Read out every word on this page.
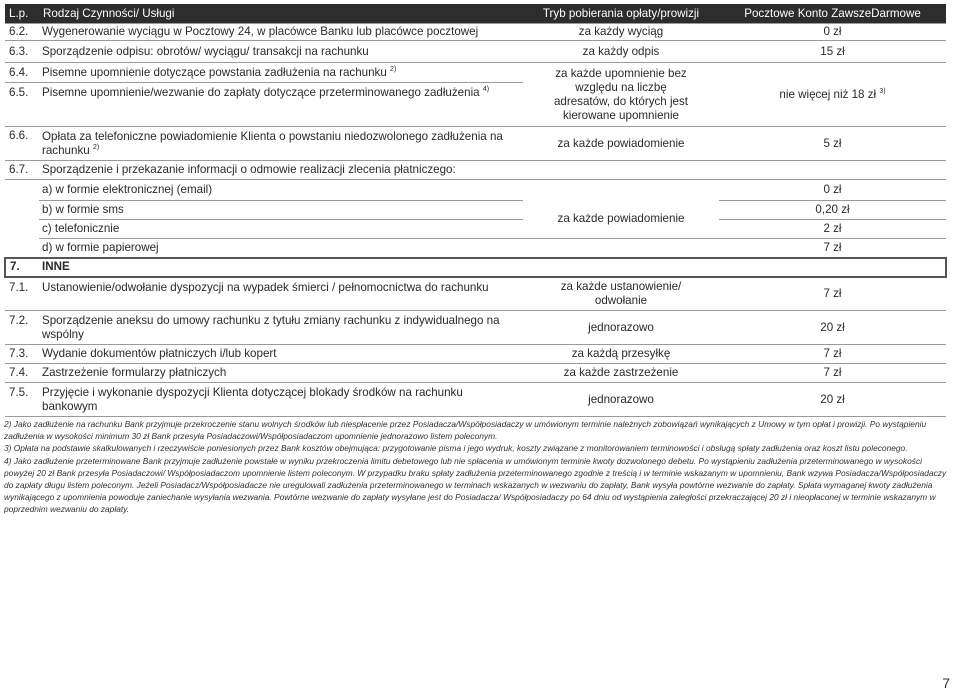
L.p.	Rodzaj Czynności/ Usługi	Tryb pobierania opłaty/prowizji	Pocztowe Konto ZawszeDarmowe
6.2.	Wygenerowanie wyciągu w Pocztowy 24, w placówce Banku lub placówce pocztowej	za każdy wyciąg	0 zł
6.3.	Sporządzenie odpisu: obrotów/ wyciągu/ transakcji na rachunku	za każdy odpis	15 zł
6.4.	Pisemne upomnienie dotyczące powstania zadłużenia na rachunku $^{2)}$	za każde upomnienie bez względu na liczbę adresatów, do których jest kierowane upomnienie	nie więcej niż 18 zł $^{3)}$
6.5.	Pisemne upomnienie/wezwanie do zapłaty dotyczące przeterminowanego zadłużenia $^{4)}$
6.6.	Opłata za telefoniczne powiadomienie Klienta o powstaniu niedozwolonego zadłużenia na rachunku $^{2)}$	za każde powiadomienie	5 zł
6.7.	Sporządzenie i przekazanie informacji o odmowie realizacji zlecenia płatniczego:		
	a) w formie elektronicznej (email)		0 zł
	b) w formie sms	za każde powiadomienie	0,20 zł
	c) telefonicznie		2 zł
	d) w formie papierowej		7 zł
7.	INNE		
7.1.	Ustanowienie/odwołanie dyspozycji na wypadek śmierci / pełnomocnictwa do rachunku	za każde ustanowienie/ odwołanie	7 zł
7.2.	Sporządzenie aneksu do umowy rachunku z tytułu zmiany rachunku z indywidualnego na wspólny	jednorazowo	20 zł
7.3.	Wydanie dokumentów płatniczych i/lub kopert	za każdą przesyłkę	7 zł
7.4.	Zastrzeżenie formularzy płatniczych	za każde zastrzeżenie	7 zł
7.5.	Przyjęcie i wykonanie dyspozycji Klienta dotyczącej blokady środków na rachunku bankowym	jednorazowo	20 zł

2) Jako zadłużenie na rachunku Bank przyjmuje przekroczenie stanu wolnych środków lub niespłacenie przez Posiadacza/Współposiadaczy w umówionym terminie należnych zobowiązań wynikających z Umowy w tym opłat i prowizji. Po wystąpieniu zadłużenia w wysokości minimum 30 zł Bank przesyła Posiadaczowi/Współposiadaczom upomnienie jednorazowo listem poleconym.

3) Opłata na podstawie skalkulowanych i rzeczywiście poniesionych przez Bank kosztów obejmująca: przygotowanie pisma i jego wydruk, koszty związane z monitorowaniem terminowości i obsługą spłaty zadłużenia oraz koszt listu poleconego.

4) Jako zadłużenie przeterminowane Bank przyjmuje zadłużenie powstałe w wyniku przekroczenia limitu debetowego lub nie spłacenia w umówionym terminie kwoty dozwolonego debetu. Po wystąpieniu zadłużenia przeterminowanego w wysokości powyżej 20 zł Bank przesyła Posiadaczowi/ Współposiadaczom upomnienie listem poleconym. W przypadku braku spłaty zadłużenia przeterminowanego zgodnie z treścią i w terminie wskazanym w upomnieniu, Bank wzywa Posiadacza/Współposiadaczy do zapłaty długu listem poleconym. Jeżeli Posiadacz/Współposiadacze nie uregulowali zadłużenia przeterminowanego w terminach wskazanych w wezwaniu do zapłaty, Bank wysyła powtórne wezwanie do zapłaty. Spłata wymaganej kwoty zadłużenia wynikającego z upomnienia powoduje zaniechanie wysyłania wezwania. Powtórne wezwanie do zapłaty wysyłane jest do Posiadacza/ Współposiadaczy po 64 dniu od wystąpienia zaległości przekraczającej 20 zł i nieopłaconej w terminie wskazanym w poprzednim wezwaniu do zapłaty.

7
